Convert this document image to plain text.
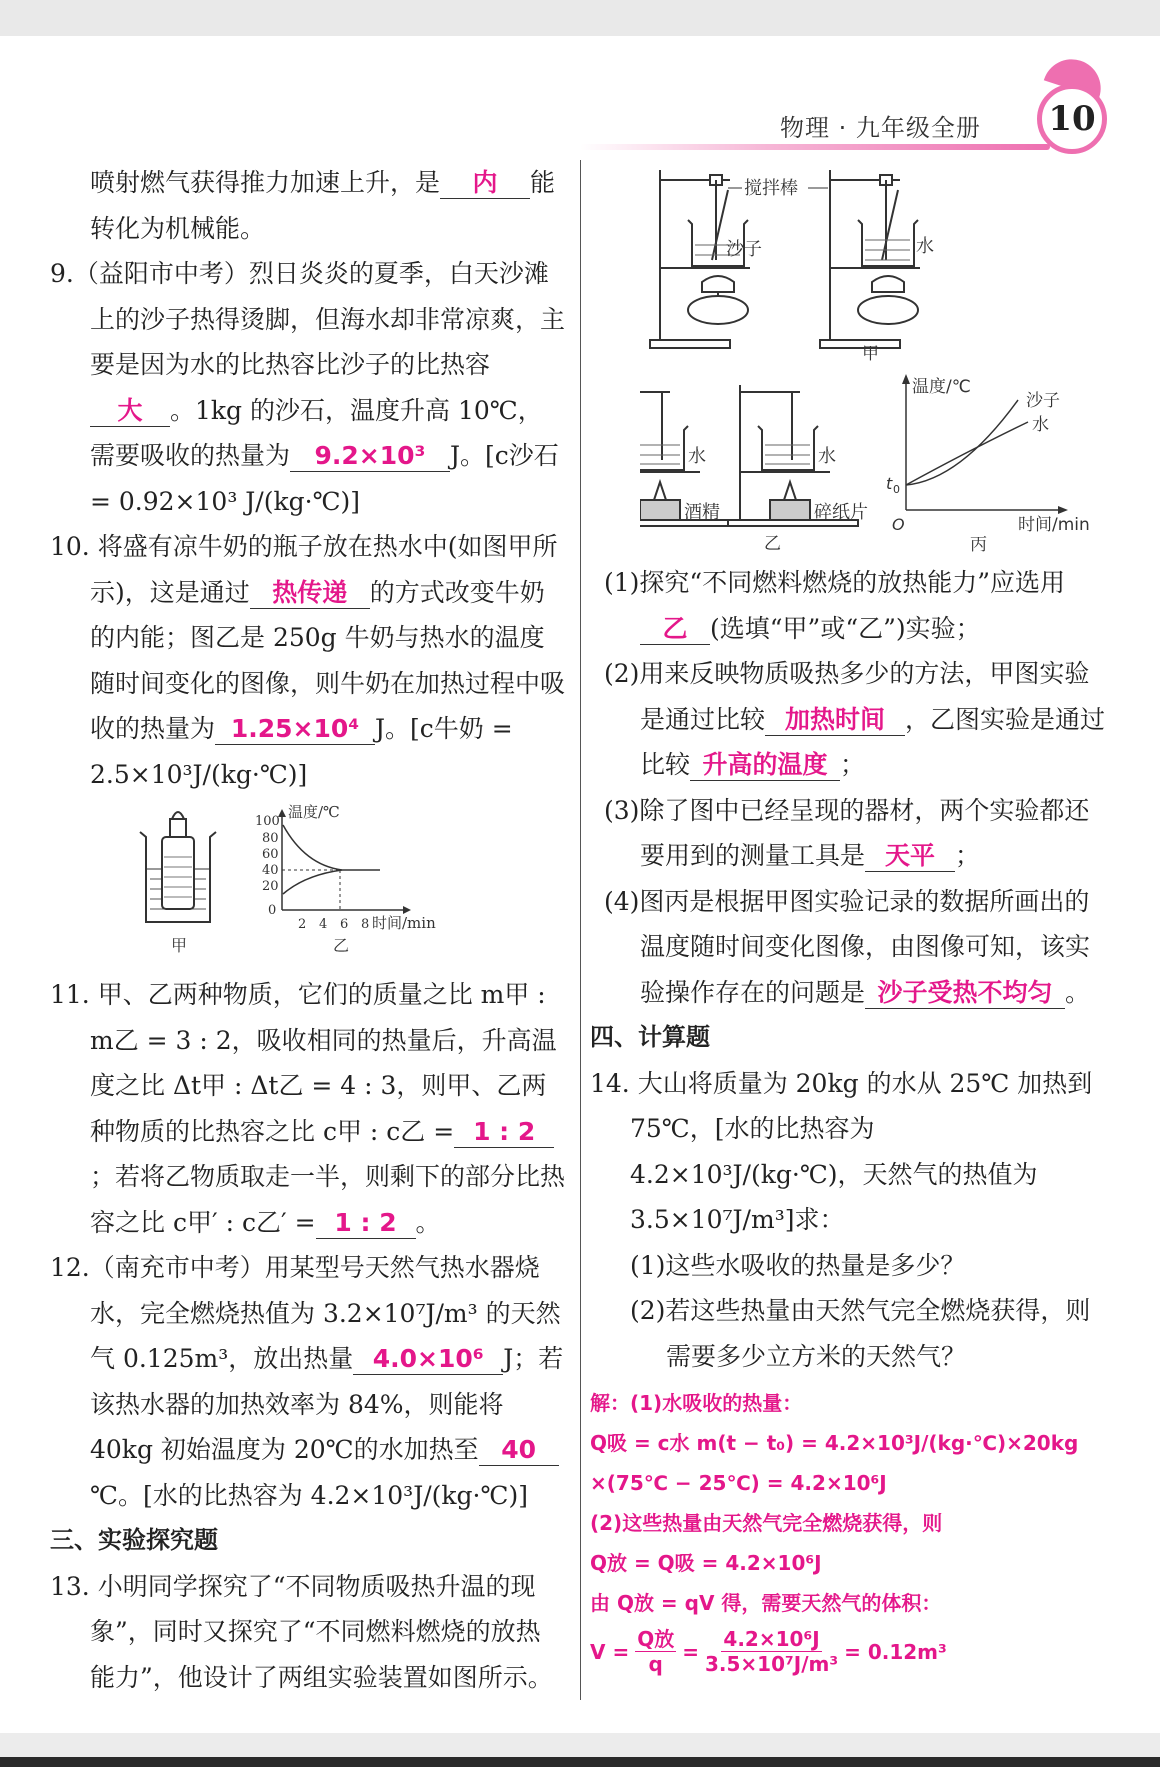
物理 · 九年级全册	10

喷射燃气获得推力加速上升，是 内 能转化为机械能。

9.（益阳市中考）烈日炎炎的夏季，白天沙滩上的沙子热得烫脚，但海水却非常凉爽，主要是因为水的比热容比沙子的比热容大 。1kg 的沙石，温度升高 10℃，需要吸收的热量为 9.2×10³ J。[c沙石 = 0.92×10³ J/(kg·℃)]

10. 将盛有凉牛奶的瓶子放在热水中(如图甲所示)，这是通过 热传递 的方式改变牛奶的内能；图乙是 250g 牛奶与热水的温度随时间变化的图像，则牛奶在加热过程中吸收的热量为 1.25×10⁴ J。[c牛奶 = 2.5×10³J/(kg·℃)]

甲
100
80
60
40
20
0
2 4 6 8
温度/℃
时间/min
乙

11. 甲、乙两种物质，它们的质量之比 m甲 : m乙 = 3 : 2，吸收相同的热量后，升高温度之比 Δt甲 : Δt乙 = 4 : 3，则甲、乙两种物质的比热容之比 c甲 : c乙 = 1 : 2；若将乙物质取走一半，则剩下的部分比热容之比 c甲′ : c乙′ = 1 : 2 。

12.（南充市中考）用某型号天然气热水器烧水，完全燃烧热值为 3.2×10⁷J/m³ 的天然气 0.125m³，放出热量 4.0×10⁶ J；若该热水器的加热效率为 84%，则能将 40kg 初始温度为 20℃的水加热至 40℃。[水的比热容为 4.2×10³J/(kg·℃)]

三、实验探究题

13. 小明同学探究了“不同物质吸热升温的现象”，同时又探究了“不同燃料燃烧的放热能力”，他设计了两组实验装置如图所示。

搅拌棒
沙子	水
甲
水
酒精
水
碎纸片
乙
温度/℃
沙子
水
t 0
O	时间/min
丙

(1)探究“不同燃料燃烧的放热能力”应选用乙 (选填“甲”或“乙”)实验；

(2)用来反映物质吸热多少的方法，甲图实验是通过比较 加热时间 ，乙图实验是通过比较 升高的温度 ；

(3)除了图中已经呈现的器材，两个实验都还要用到的测量工具是 天平 ；

(4)图丙是根据甲图实验记录的数据所画出的温度随时间变化图像，由图像可知，该实验操作存在的问题是 沙子受热不均匀 。

四、计算题

14. 大山将质量为 20kg 的水从 25℃ 加热到 75℃，[水的比热容为 4.2×10³J/(kg·℃)，天然气的热值为 3.5×10⁷J/m³]求：

(1)这些水吸收的热量是多少？

(2)若这些热量由天然气完全燃烧获得，则需要多少立方米的天然气？

解：(1)水吸收的热量：

Q吸 = c水 m(t − t₀) = 4.2×10³J/(kg·℃)×20kg

×(75℃ − 25℃) = 4.2×10⁶J

(2)这些热量由天然气完全燃烧获得，则

Q放 = Q吸 = 4.2×10⁶J

由 Q放 = qV 得，需要天然气的体积：

V =
Q放
q
= $\frac{\text{4.2×10⁶J}}{\text{3.5×10⁷J/m³}} = 0.12m^3$
